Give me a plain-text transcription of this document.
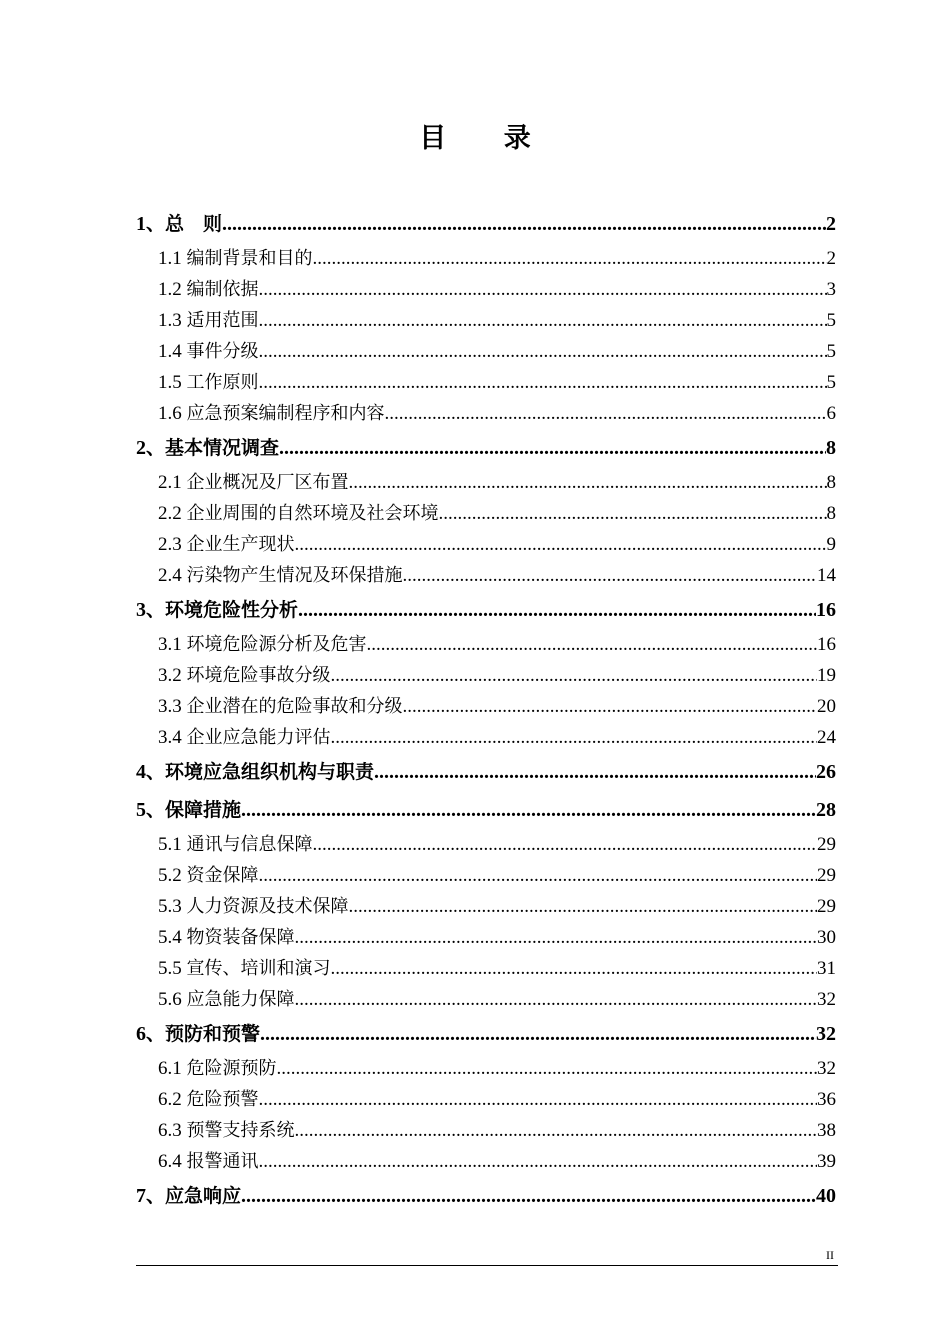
目 录
1、总　则 .....	2
1.1 编制背景和目的 .....	2
1.2 编制依据 .....	3
1.3 适用范围 .....	5
1.4 事件分级 .....	5
1.5 工作原则 .....	5
1.6 应急预案编制程序和内容 .....	6
2、基本情况调查 .....	8
2.1 企业概况及厂区布置 .....	8
2.2 企业周围的自然环境及社会环境 .....	8
2.3 企业生产现状 .....	9
2.4 污染物产生情况及环保措施 .....	14
3、环境危险性分析 .....	16
3.1 环境危险源分析及危害 .....	16
3.2 环境危险事故分级 .....	19
3.3 企业潜在的危险事故和分级 .....	20
3.4 企业应急能力评估 .....	24
4、环境应急组织机构与职责 .....	26
5、保障措施 .....	28
5.1 通讯与信息保障 .....	29
5.2 资金保障 .....	29
5.3 人力资源及技术保障 .....	29
5.4 物资装备保障 .....	30
5.5 宣传、培训和演习 .....	31
5.6 应急能力保障 .....	32
6、预防和预警 .....	32
6.1 危险源预防 .....	32
6.2 危险预警 .....	36
6.3 预警支持系统 .....	38
6.4 报警通讯 .....	39
7、应急响应 .....	40
II
